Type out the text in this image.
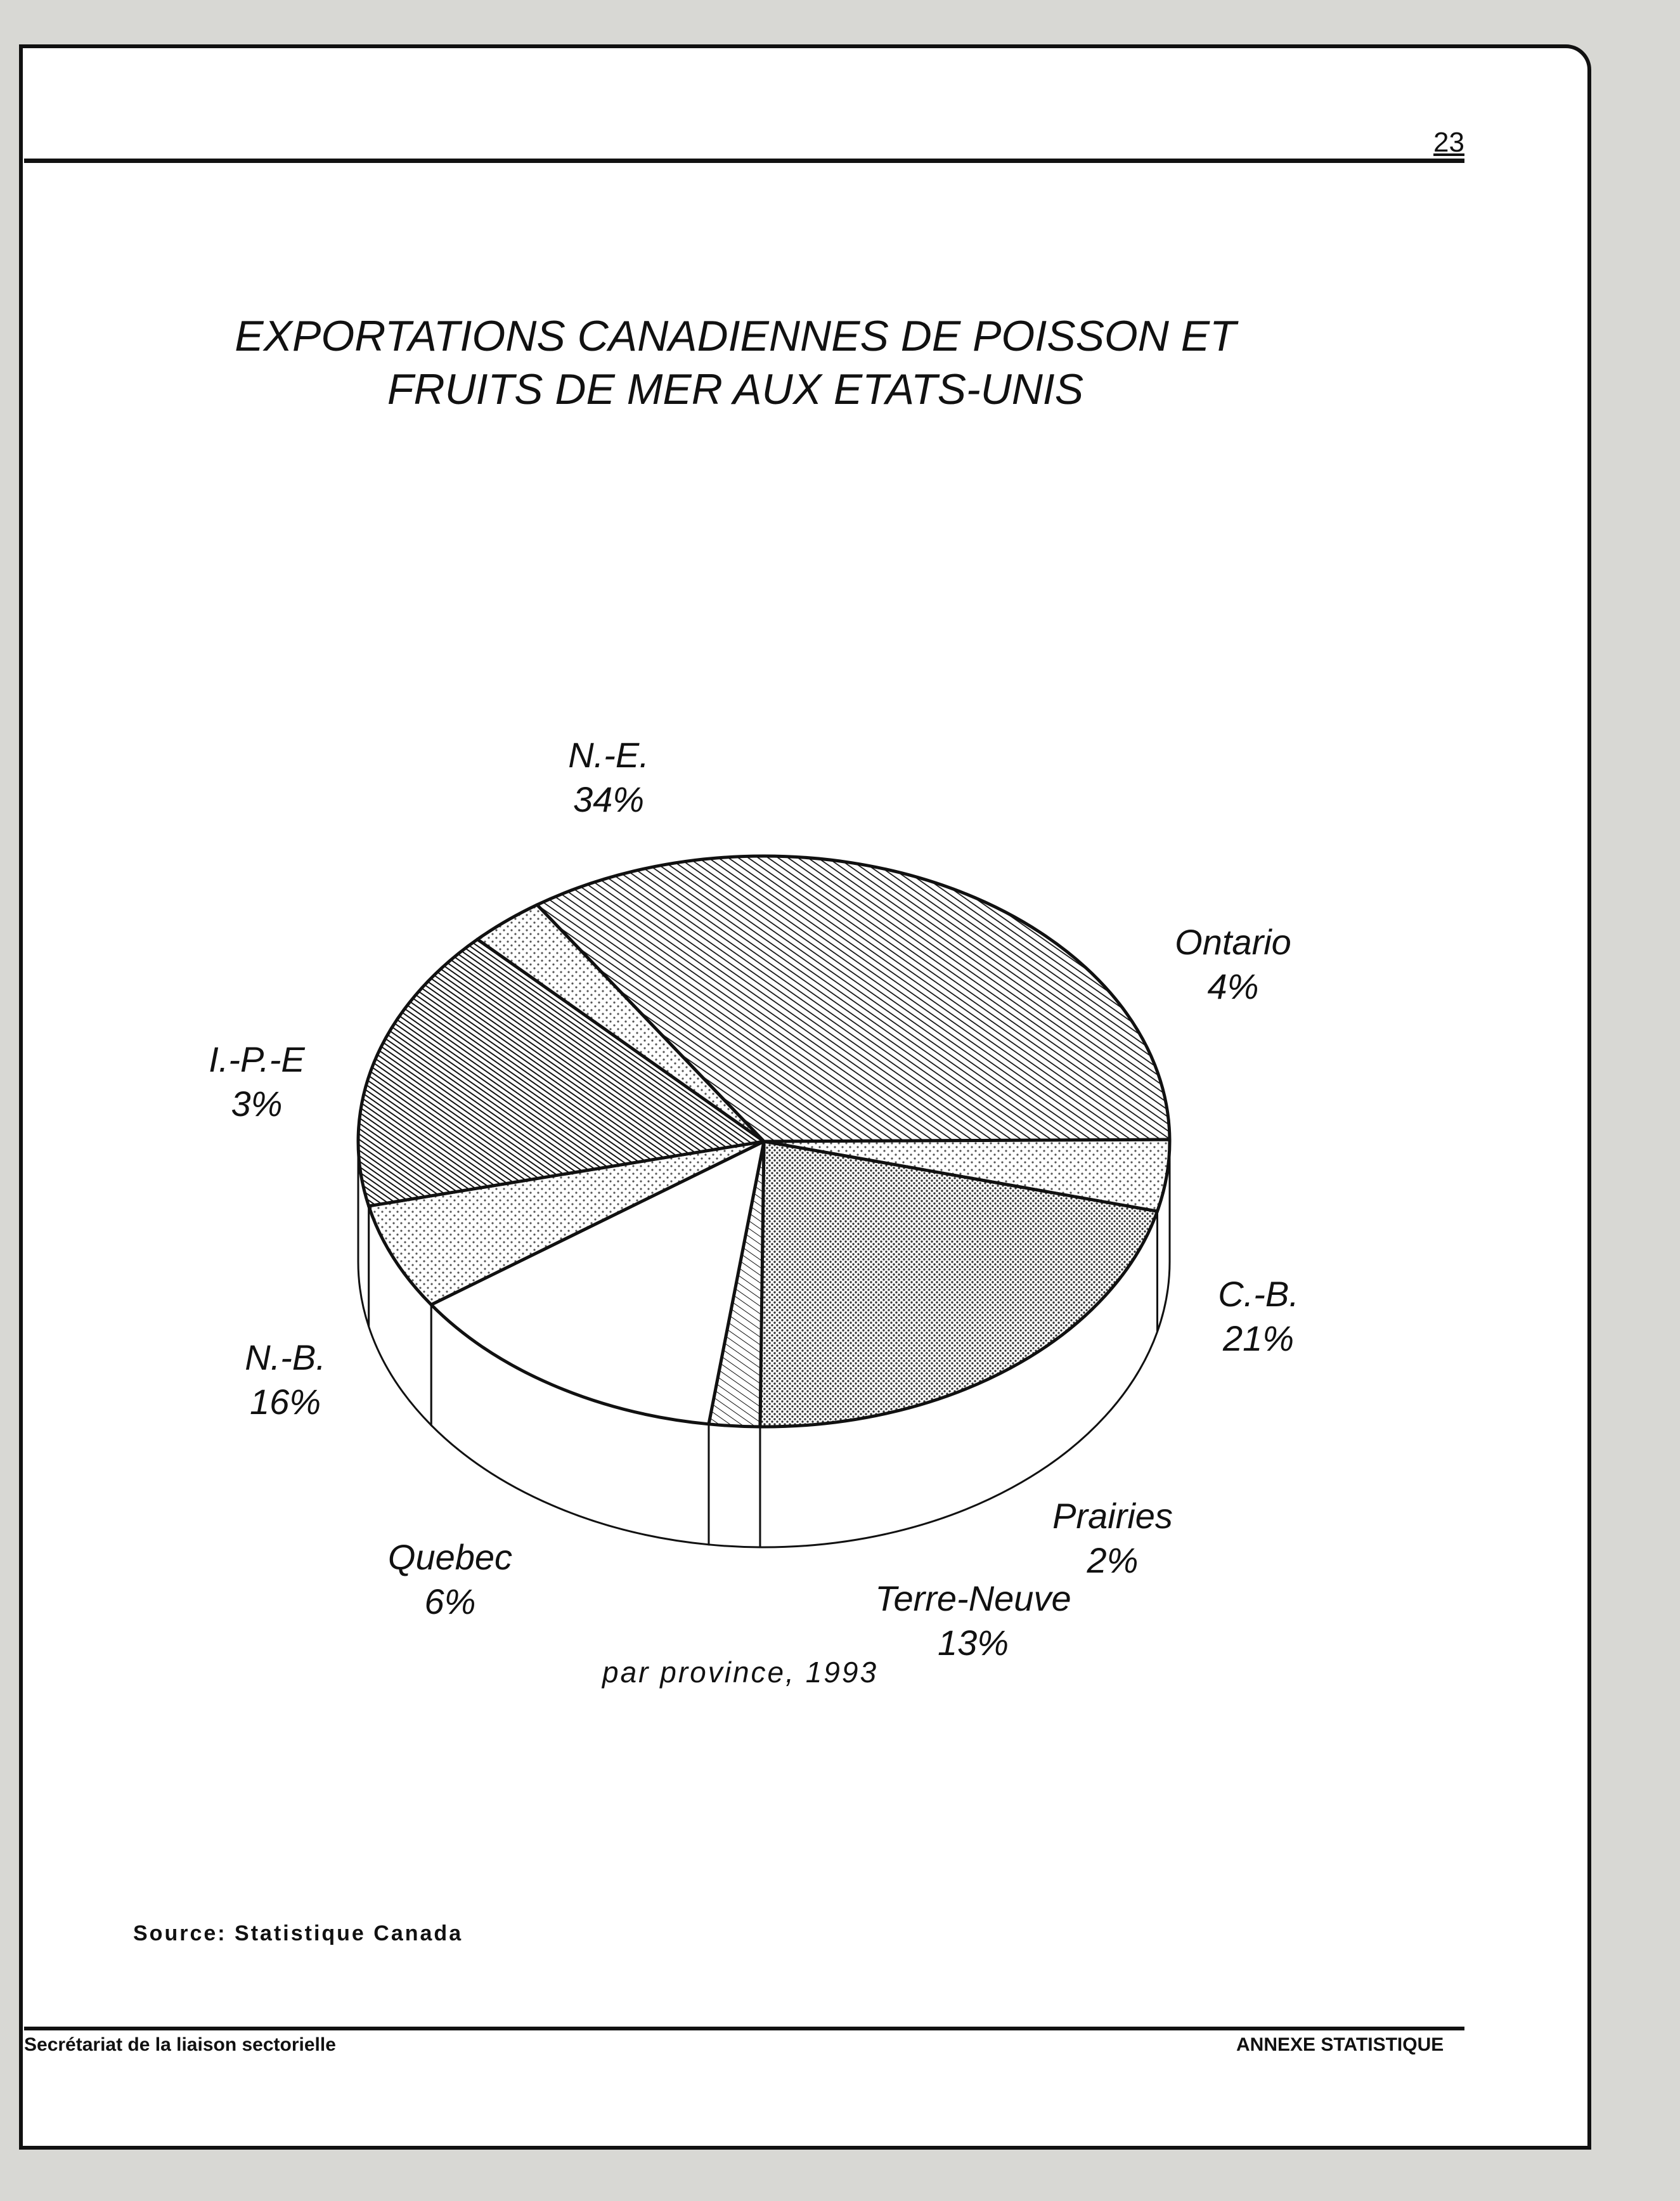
23
EXPORTATIONS CANADIENNES DE POISSON ET
FRUITS DE MER AUX ETATS-UNIS
N.-E.
34%
Ontario
4%
C.-B.
21%
Prairies
2%
Terre-Neuve
13%
Quebec
6%
N.-B.
16%
I.-P.-E
3%
par province, 1993
Source: Statistique Canada
Secrétariat de la liaison sectorielle	ANNEXE STATISTIQUE
